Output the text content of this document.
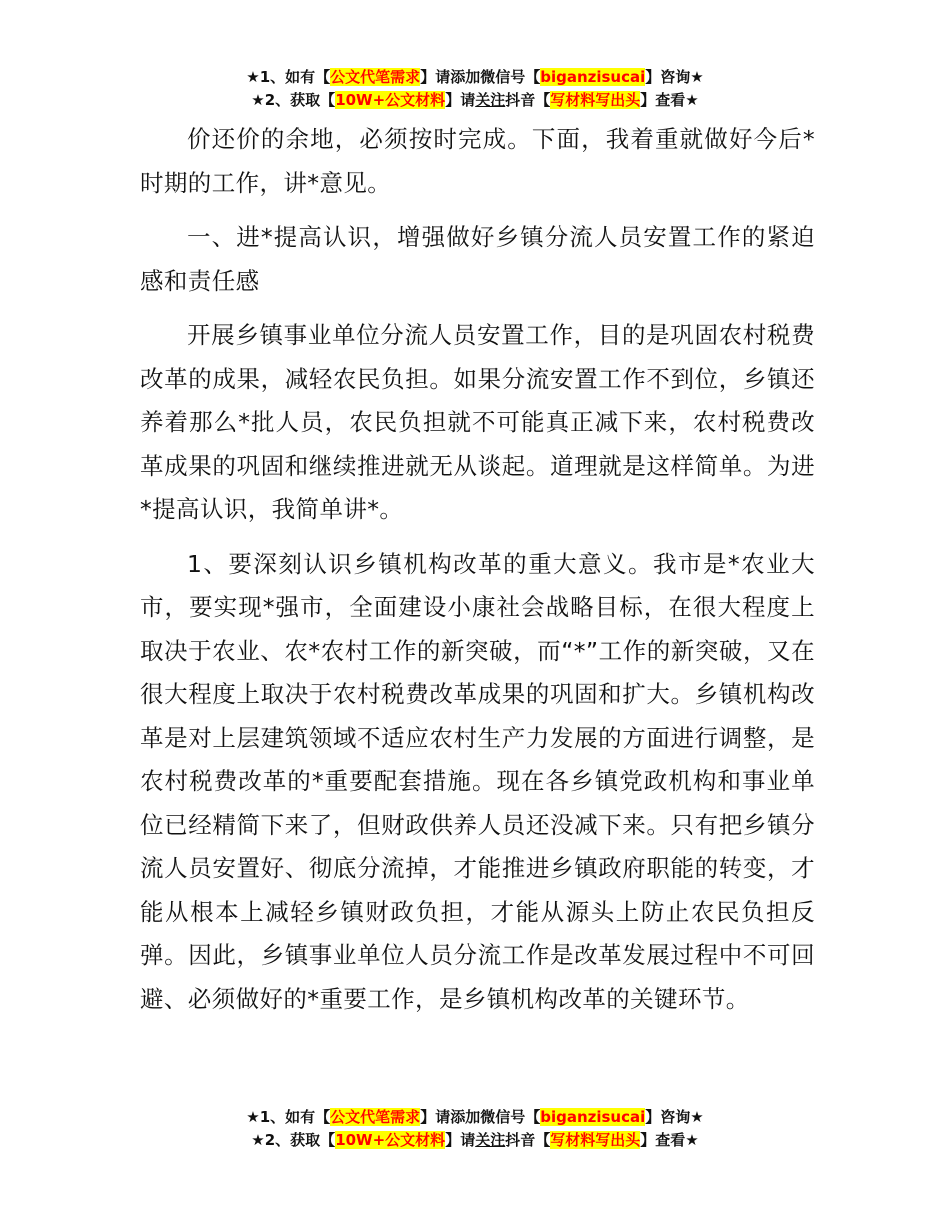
★1、如有【公文代笔需求】请添加微信号【biganzisucai】咨询★
★2、获取【10W+公文材料】请关注抖音【写材料写出头】查看★

价还价的余地，必须按时完成。下面，我着重就做好今后*时期的工作，讲*意见。

一、进*提高认识，增强做好乡镇分流人员安置工作的紧迫感和责任感

开展乡镇事业单位分流人员安置工作，目的是巩固农村税费改革的成果，减轻农民负担。如果分流安置工作不到位，乡镇还养着那么*批人员，农民负担就不可能真正减下来，农村税费改革成果的巩固和继续推进就无从谈起。道理就是这样简单。为进*提高认识，我简单讲*。

1、要深刻认识乡镇机构改革的重大意义。我市是*农业大市，要实现*强市，全面建设小康社会战略目标，在很大程度上取决于农业、农*农村工作的新突破，而“*”工作的新突破，又在很大程度上取决于农村税费改革成果的巩固和扩大。乡镇机构改革是对上层建筑领域不适应农村生产力发展的方面进行调整，是农村税费改革的*重要配套措施。现在各乡镇党政机构和事业单位已经精简下来了，但财政供养人员还没减下来。只有把乡镇分流人员安置好、彻底分流掉，才能推进乡镇政府职能的转变，才能从根本上减轻乡镇财政负担，才能从源头上防止农民负担反弹。因此，乡镇事业单位人员分流工作是改革发展过程中不可回避、必须做好的*重要工作，是乡镇机构改革的关键环节。

★1、如有【公文代笔需求】请添加微信号【biganzisucai】咨询★
★2、获取【10W+公文材料】请关注抖音【写材料写出头】查看★
